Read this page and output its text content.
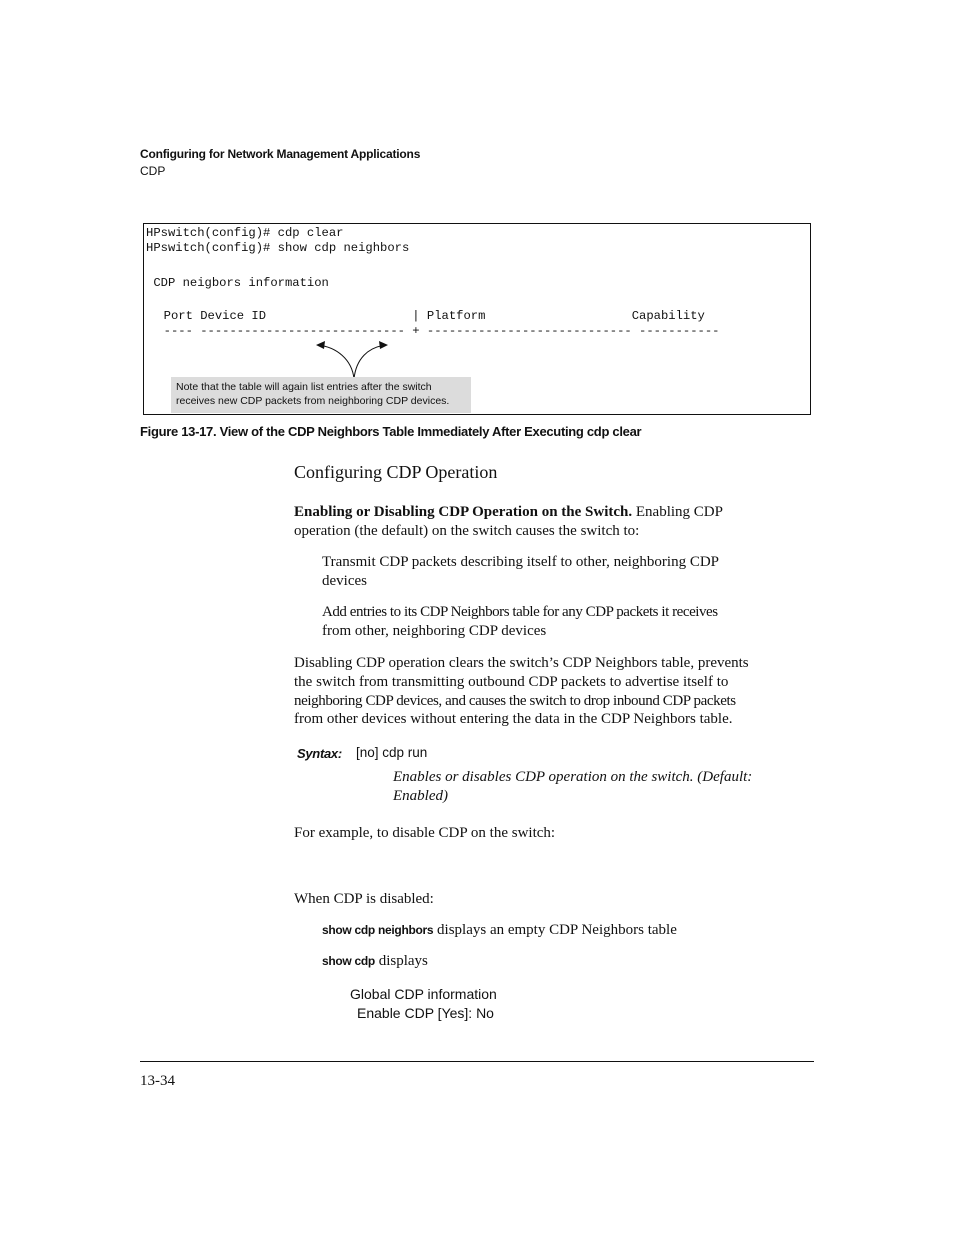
Configuring for Network Management Applications
CDP
HPswitch(config)# cdp clear
HPswitch(config)# show cdp neighbors
CDP neigbors information
Port Device ID                    | Platform                    Capability
---- ---------------------------- + ---------------------------- -----------
Note that the table will again list entries after the switch
receives new CDP packets from neighboring CDP devices.
Figure 13-17. View of the CDP Neighbors Table Immediately After Executing cdp clear
Configuring CDP Operation
Enabling or Disabling CDP Operation on the Switch. Enabling CDP
operation (the default) on the switch causes the switch to:
Transmit CDP packets describing itself to other, neighboring CDP
devices
Add entries to its CDP Neighbors table for any CDP packets it receives
from other, neighboring CDP devices
Disabling CDP operation clears the switch’s CDP Neighbors table, prevents
the switch from transmitting outbound CDP packets to advertise itself to
neighboring CDP devices, and causes the switch to drop inbound CDP packets
from other devices without entering the data in the CDP Neighbors table.
Syntax: [no] cdp run
Enables or disables CDP operation on the switch. (Default:
Enabled)
For example, to disable CDP on the switch:
When CDP is disabled:
show cdp neighbors displays an empty CDP Neighbors table
show cdp displays
Global CDP information
Enable CDP [Yes]: No
13-34
